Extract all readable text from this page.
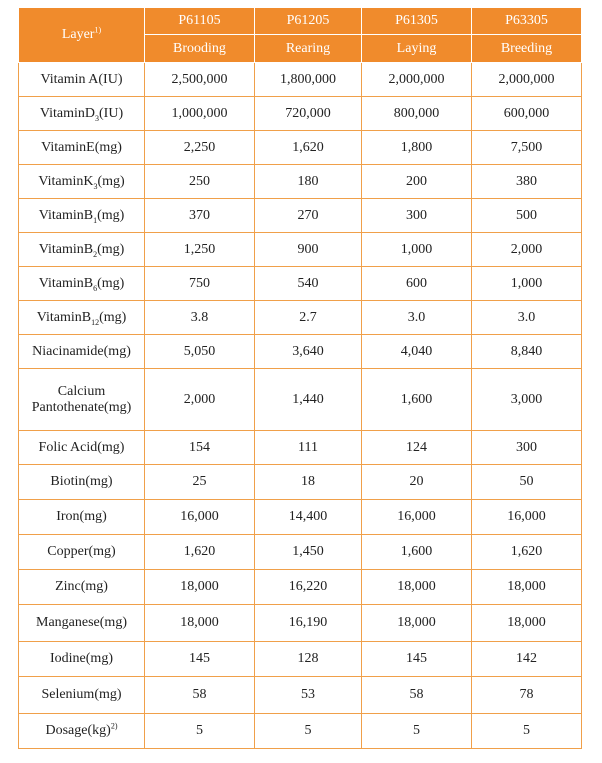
Layer$^{1)}$	P61105	P61205	P61305	P63305
	Brooding	Rearing	Laying	Breeding
Vitamin A(IU)	2,500,000	1,800,000	2,000,000	2,000,000
VitaminD$_3$(IU)	1,000,000	720,000	800,000	600,000
VitaminE(mg)	2,250	1,620	1,800	7,500
VitaminK$_3$(mg)	250	180	200	380
VitaminB$_1$(mg)	370	270	300	500
VitaminB$_2$(mg)	1,250	900	1,000	2,000
VitaminB$_6$(mg)	750	540	600	1,000
VitaminB$_{12}$(mg)	3.8	2.7	3.0	3.0
Niacinamide(mg)	5,050	3,640	4,040	8,840
Calcium
Pantothenate(mg)	2,000	1,440	1,600	3,000
Folic Acid(mg)	154	111	124	300
Biotin(mg)	25	18	20	50
Iron(mg)	16,000	14,400	16,000	16,000
Copper(mg)	1,620	1,450	1,600	1,620
Zinc(mg)	18,000	16,220	18,000	18,000
Manganese(mg)	18,000	16,190	18,000	18,000
Iodine(mg)	145	128	145	142
Selenium(mg)	58	53	58	78
Dosage(kg)$^{2)}$	5	5	5	5
